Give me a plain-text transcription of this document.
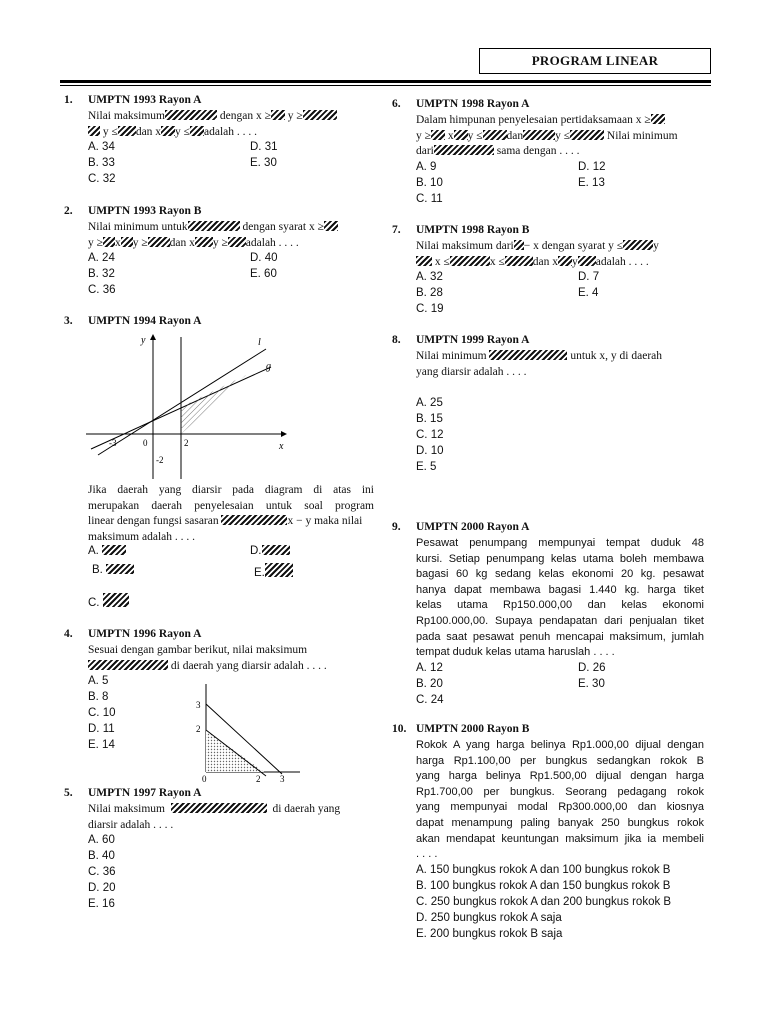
PROGRAM LINEAR
1. UMPTN 1993 Rayon A
Nilai maksimum	dengan x ≥ y ≥
y ≤ dan x y ≤ adalah . . . .
A. 34
B. 33
C. 32
D. 31
E. 30
2. UMPTN 1993 Rayon B
Nilai minimum untuk	dengan syarat x ≥
y ≥ x y ≥ dan x y ≥ adalah . . . .
A. 24
B. 32
C. 36
D. 40
E. 60
3. UMPTN 1994 Rayon A
y
x
l
g
-3	0	2
-2
Jika daerah yang diarsir pada diagram di atas ini
merupakan daerah penyelesaian untuk soal program
linear dengan fungsi sasaran	x − y maka nilai
maksimum adalah . . . .
A.
B.
C.
D.
E.
4. UMPTN 1996 Rayon A
Sesuai dengan gambar berikut, nilai maksimum
di daerah yang diarsir adalah . . . .
A. 5
B. 8
C. 10
D. 11
E. 14
3
2
0	2 3
5. UMPTN 1997 Rayon A
Nilai maksimum	di daerah yang
diarsir adalah . . . .
A. 60
B. 40
C. 36
D. 20
E. 16
6. UMPTN 1998 Rayon A
Dalam himpunan penyelesaian pertidaksamaan x ≥
y ≥ x y ≤ dan	y ≤	Nilai minimum
dari	sama dengan . . . .
A. 9
B. 10
C. 11
D. 12
E. 13
7. UMPTN 1998 Rayon B
Nilai maksimum dari − x dengan syarat y ≤	y
x ≤	x ≤ dan x y adalah . . . .
A. 32
B. 28
C. 19
D. 7
E. 4
8. UMPTN 1999 Rayon A
Nilai minimum	untuk x, y di daerah
yang diarsir adalah . . . .
A. 25
B. 15
C. 12
D. 10
E. 5
9. UMPTN 2000 Rayon A
Pesawat penumpang mempunyai tempat duduk 48
kursi. Setiap penumpang kelas utama boleh membawa
bagasi 60 kg sedang kelas ekonomi 20 kg. pesawat
hanya dapat membawa bagasi 1.440 kg. harga tiket
kelas utama Rp150.000,00 dan kelas ekonomi
Rp100.000,00. Supaya pendapatan dari penjualan tiket
pada saat pesawat penuh mencapai maksimum, jumlah
tempat duduk kelas utama haruslah . . . .
A. 12
B. 20
C. 24
D. 26
E. 30
10. UMPTN 2000 Rayon B
Rokok A yang harga belinya Rp1.000,00 dijual dengan
harga Rp1.100,00 per bungkus sedangkan rokok B
yang harga belinya Rp1.500,00 dijual dengan harga
Rp1.700,00 per bungkus. Seorang pedagang rokok
yang mempunyai modal Rp300.000,00 dan kiosnya
dapat menampung paling banyak 250 bungkus rokok
akan mendapat keuntungan maksimum jika ia membeli
. . . .
A. 150 bungkus rokok A dan 100 bungkus rokok B
B. 100 bungkus rokok A dan 150 bungkus rokok B
C. 250 bungkus rokok A dan 200 bungkus rokok B
D. 250 bungkus rokok A saja
E. 200 bungkus rokok B saja
